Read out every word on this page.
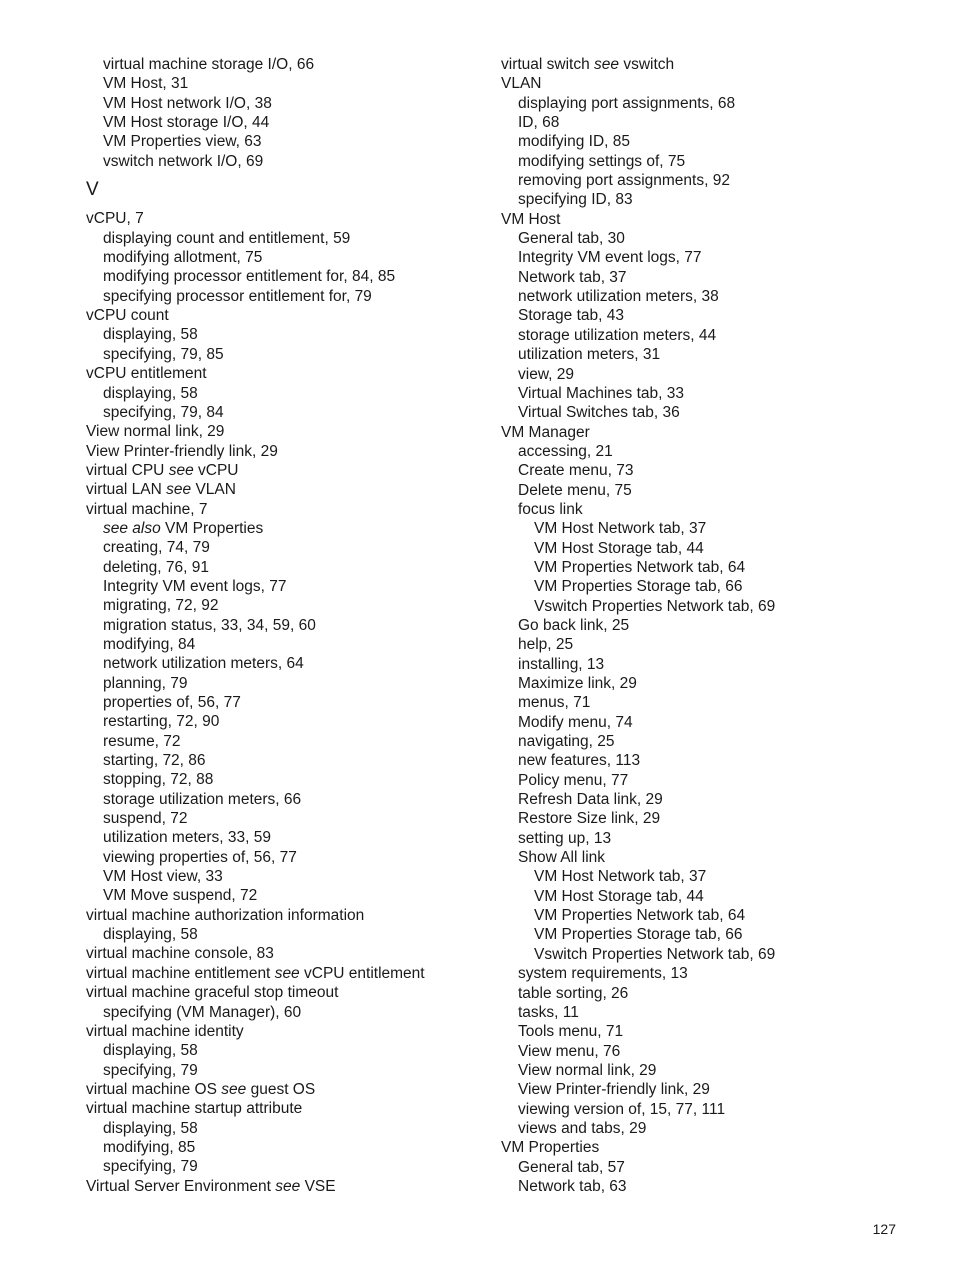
virtual machine storage I/O, 66
VM Host, 31
VM Host network I/O, 38
VM Host storage I/O, 44
VM Properties view, 63
vswitch network I/O, 69
V
vCPU, 7
displaying count and entitlement, 59
modifying allotment, 75
modifying processor entitlement for, 84, 85
specifying processor entitlement for, 79
vCPU count
displaying, 58
specifying, 79, 85
vCPU entitlement
displaying, 58
specifying, 79, 84
View normal link, 29
View Printer-friendly link, 29
virtual CPU see vCPU
virtual LAN see VLAN
virtual machine, 7
see also VM Properties
creating, 74, 79
deleting, 76, 91
Integrity VM event logs, 77
migrating, 72, 92
migration status, 33, 34, 59, 60
modifying, 84
network utilization meters, 64
planning, 79
properties of, 56, 77
restarting, 72, 90
resume, 72
starting, 72, 86
stopping, 72, 88
storage utilization meters, 66
suspend, 72
utilization meters, 33, 59
viewing properties of, 56, 77
VM Host view, 33
VM Move suspend, 72
virtual machine authorization information
displaying, 58
virtual machine console, 83
virtual machine entitlement see vCPU entitlement
virtual machine graceful stop timeout
specifying (VM Manager), 60
virtual machine identity
displaying, 58
specifying, 79
virtual machine OS see guest OS
virtual machine startup attribute
displaying, 58
modifying, 85
specifying, 79
Virtual Server Environment see VSE
virtual switch see vswitch
VLAN
displaying port assignments, 68
ID, 68
modifying ID, 85
modifying settings of, 75
removing port assignments, 92
specifying ID, 83
VM Host
General tab, 30
Integrity VM event logs, 77
Network tab, 37
network utilization meters, 38
Storage tab, 43
storage utilization meters, 44
utilization meters, 31
view, 29
Virtual Machines tab, 33
Virtual Switches tab, 36
VM Manager
accessing, 21
Create menu, 73
Delete menu, 75
focus link
VM Host Network tab, 37
VM Host Storage tab, 44
VM Properties Network tab, 64
VM Properties Storage tab, 66
Vswitch Properties Network tab, 69
Go back link, 25
help, 25
installing, 13
Maximize link, 29
menus, 71
Modify menu, 74
navigating, 25
new features, 113
Policy menu, 77
Refresh Data link, 29
Restore Size link, 29
setting up, 13
Show All link
VM Host Network tab, 37
VM Host Storage tab, 44
VM Properties Network tab, 64
VM Properties Storage tab, 66
Vswitch Properties Network tab, 69
system requirements, 13
table sorting, 26
tasks, 11
Tools menu, 71
View menu, 76
View normal link, 29
View Printer-friendly link, 29
viewing version of, 15, 77, 111
views and tabs, 29
VM Properties
General tab, 57
Network tab, 63
127
